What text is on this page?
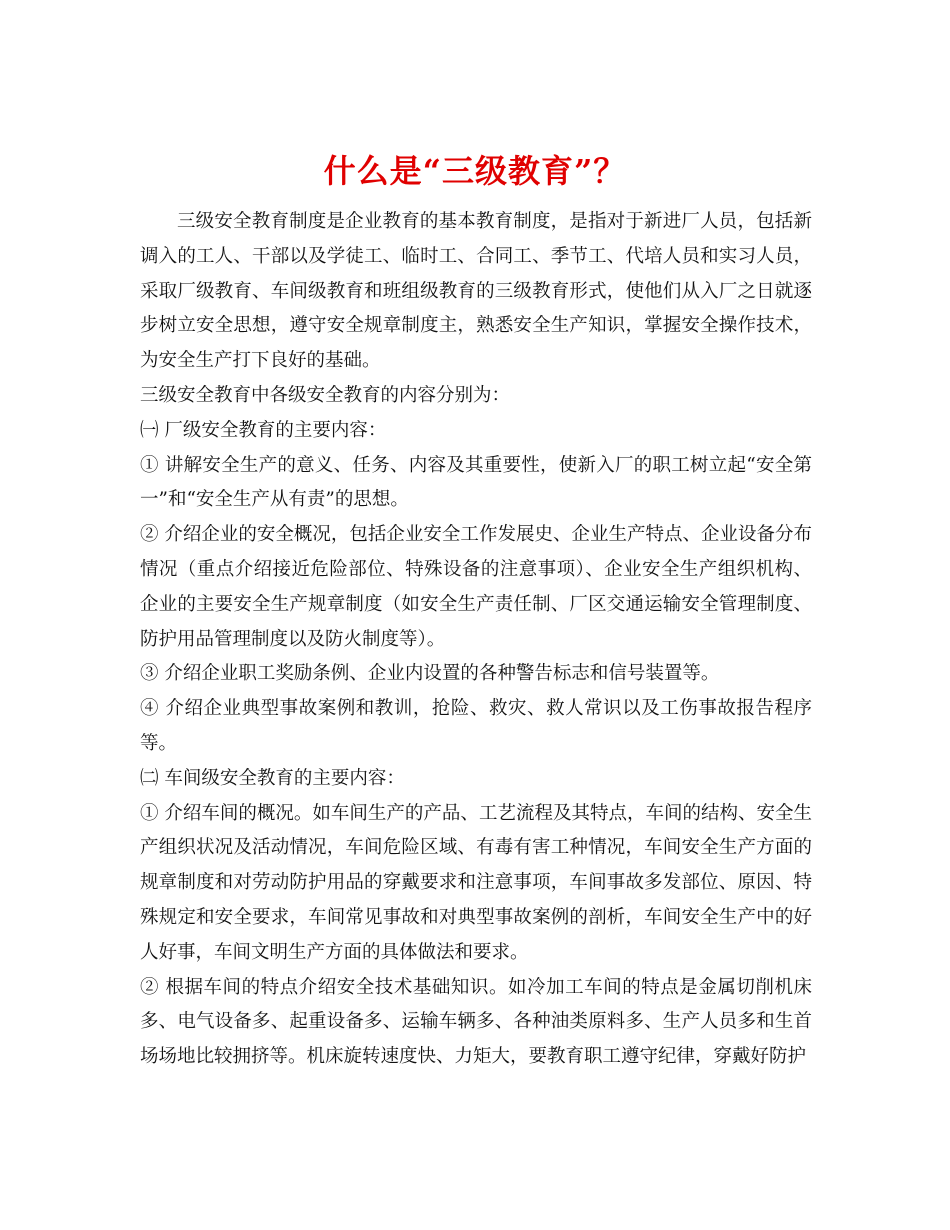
什么是“三级教育”？

三级安全教育制度是企业教育的基本教育制度，是指对于新进厂人员，包括新调入的工人、干部以及学徒工、临时工、合同工、季节工、代培人员和实习人员，采取厂级教育、车间级教育和班组级教育的三级教育形式，使他们从入厂之日就逐步树立安全思想，遵守安全规章制度主，熟悉安全生产知识，掌握安全操作技术，为安全生产打下良好的基础。

三级安全教育中各级安全教育的内容分别为：

㈠ 厂级安全教育的主要内容：

① 讲解安全生产的意义、任务、内容及其重要性，使新入厂的职工树立起“安全第一”和“安全生产从有责”的思想。

② 介绍企业的安全概况，包括企业安全工作发展史、企业生产特点、企业设备分布情况（重点介绍接近危险部位、特殊设备的注意事项）、企业安全生产组织机构、企业的主要安全生产规章制度（如安全生产责任制、厂区交通运输安全管理制度、防护用品管理制度以及防火制度等）。

③ 介绍企业职工奖励条例、企业内设置的各种警告标志和信号装置等。

④ 介绍企业典型事故案例和教训，抢险、救灾、救人常识以及工伤事故报告程序等。

㈡ 车间级安全教育的主要内容：

① 介绍车间的概况。如车间生产的产品、工艺流程及其特点，车间的结构、安全生产组织状况及活动情况，车间危险区域、有毒有害工种情况，车间安全生产方面的规章制度和对劳动防护用品的穿戴要求和注意事项，车间事故多发部位、原因、特殊规定和安全要求，车间常见事故和对典型事故案例的剖析，车间安全生产中的好人好事，车间文明生产方面的具体做法和要求。

② 根据车间的特点介绍安全技术基础知识。如冷加工车间的特点是金属切削机床多、电气设备多、起重设备多、运输车辆多、各种油类原料多、生产人员多和生首场场地比较拥挤等。机床旋转速度快、力矩大，要教育职工遵守纪律，穿戴好防护
